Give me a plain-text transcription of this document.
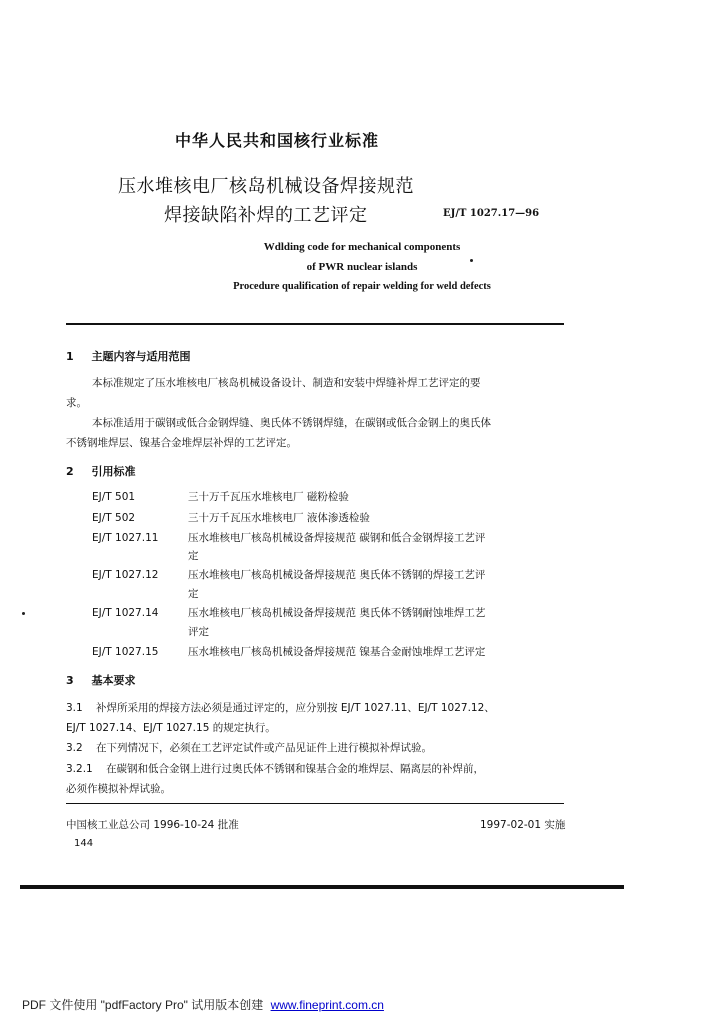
中华人民共和国核行业标准
压水堆核电厂核岛机械设备焊接规范
焊接缺陷补焊的工艺评定	EJ/T 1027.17—96
Wdlding code for mechanical components
of PWR nuclear islands
Procedure qualification of repair welding for weld defects
1 主题内容与适用范围
本标准规定了压水堆核电厂核岛机械设备设计、制造和安装中焊缝补焊工艺评定的要
求。
本标准适用于碳钢或低合金钢焊缝、奥氏体不锈钢焊缝，在碳钢或低合金钢上的奥氏体
不锈钢堆焊层、镍基合金堆焊层补焊的工艺评定。
2 引用标准
EJ/T 501	三十万千瓦压水堆核电厂 磁粉检验
EJ/T 502	三十万千瓦压水堆核电厂 液体渗透检验
EJ/T 1027.11	压水堆核电厂核岛机械设备焊接规范 碳钢和低合金钢焊接工艺评
定
EJ/T 1027.12	压水堆核电厂核岛机械设备焊接规范 奥氏体不锈钢的焊接工艺评
定
EJ/T 1027.14	压水堆核电厂核岛机械设备焊接规范 奥氏体不锈钢耐蚀堆焊工艺
评定
EJ/T 1027.15	压水堆核电厂核岛机械设备焊接规范 镍基合金耐蚀堆焊工艺评定
3 基本要求
3.1 补焊所采用的焊接方法必须是通过评定的，应分别按 EJ/T 1027.11、EJ/T 1027.12、
EJ/T 1027.14、EJ/T 1027.15 的规定执行。
3.2 在下列情况下，必须在工艺评定试件或产品见证件上进行模拟补焊试验。
3.2.1 在碳钢和低合金钢上进行过奥氏体不锈钢和镍基合金的堆焊层、隔离层的补焊前，
必须作模拟补焊试验。
中国核工业总公司 1996-10-24 批准	1997-02-01 实施
144
PDF 文件使用 "pdfFactory Pro" 试用版本创建 www.fineprint.com.cn
